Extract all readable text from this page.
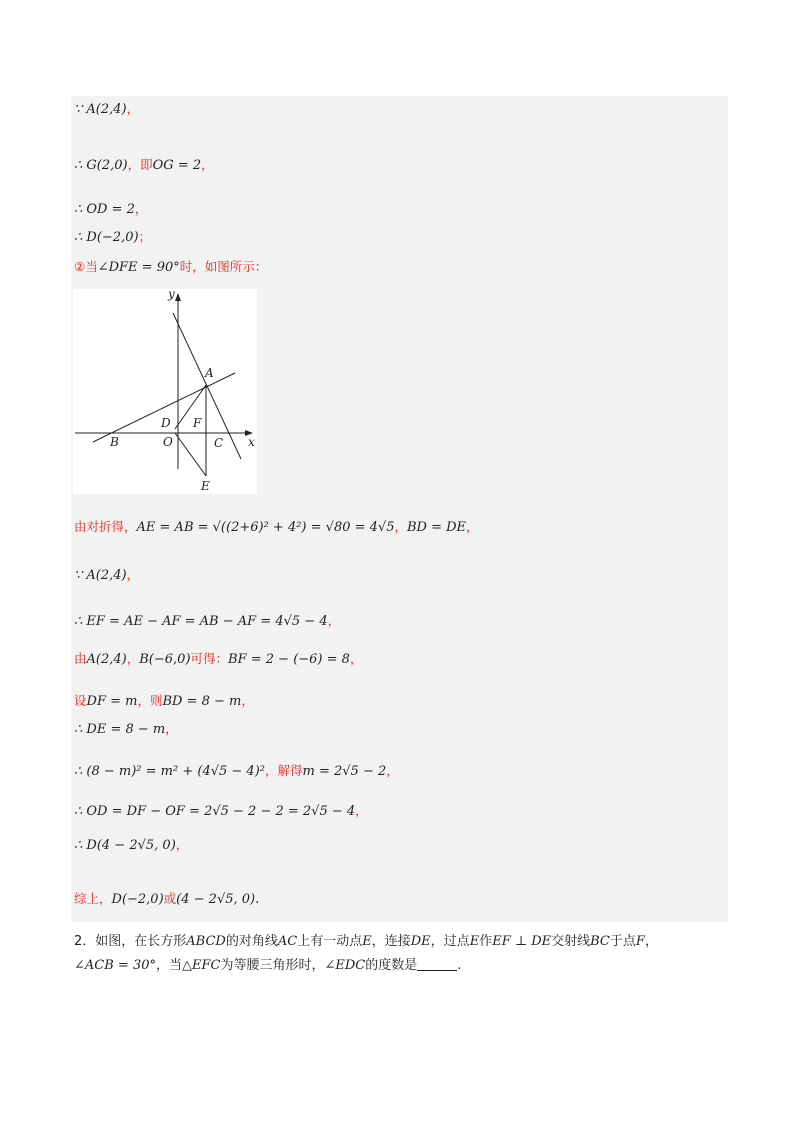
∵ A(2,4)，
∴ G(2,0)，即OG = 2，
∴ OD = 2，
∴ D(−2,0)；
②当∠DFE = 90°时，如图所示：
y
x
A
B
D F
O	C
E
由对折得，AE = AB = √((2+6)² + 4²) = √80 = 4√5，BD = DE，
∵ A(2,4)，
∴ EF = AE − AF = AB − AF = 4√5 − 4，
由A(2,4)，B(−6,0)可得：BF = 2 − (−6) = 8，
设DF = m，则BD = 8 − m，
∴ DE = 8 − m，
∴ (8 − m)² = m² + (4√5 − 4)²，解得m = 2√5 − 2，
∴ OD = DF − OF = 2√5 − 2 − 2 = 2√5 − 4，
∴ D(4 − 2√5, 0)，
综上，D(−2,0)或(4 − 2√5, 0).
2．如图，在长方形ABCD的对角线AC上有一动点E，连接DE，过点E作EF ⊥ DE交射线BC于点F，
∠ACB = 30°，当△EFC为等腰三角形时，∠EDC的度数是	.
